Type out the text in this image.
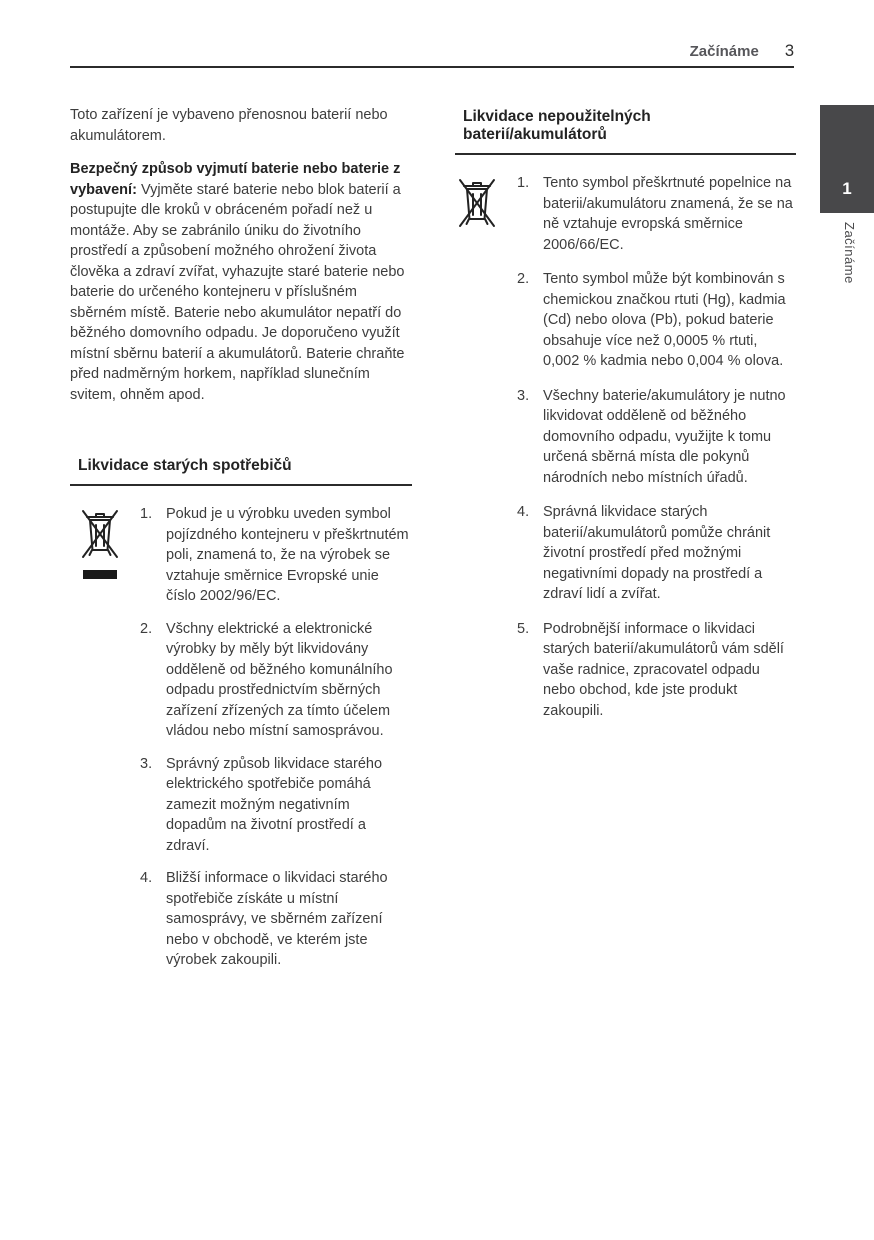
Začínáme 3
1
Začínáme

Toto zařízení je vybaveno přenosnou baterií nebo akumulátorem.

Bezpečný způsob vyjmutí baterie nebo baterie z vybavení: Vyjměte staré baterie nebo blok baterií a postupujte dle kroků v obráceném pořadí než u montáže. Aby se zabránilo úniku do životního prostředí a způsobení možného ohrožení života člověka a zdraví zvířat, vyhazujte staré baterie nebo baterie do určeného kontejneru v příslušném sběrném místě. Baterie nebo akumulátor nepatří do běžného domovního odpadu. Je doporučeno využít místní sběrnu baterií a akumulátorů. Baterie chraňte před nadměrným horkem, například slunečním svitem, ohněm apod.

Likvidace starých spotřebičů
1. Pokud je u výrobku uveden symbol pojízdného kontejneru v přeškrtnutém poli, znamená to, že na výrobek se vztahuje směrnice Evropské unie číslo 2002/96/EC.
2. Všchny elektrické a elektronické výrobky by měly být likvidovány odděleně od běžného komunálního odpadu prostřednictvím sběrných zařízení zřízených za tímto účelem vládou nebo místní samosprávou.
3. Správný způsob likvidace starého elektrického spotřebiče pomáhá zamezit možným negativním dopadům na životní prostředí a zdraví.
4. Bližší informace o likvidaci starého spotřebiče získáte u místní samosprávy, ve sběrném zařízení nebo v obchodě, ve kterém jste výrobek zakoupili.
Likvidace nepoužitelných baterií/akumulátorů
1. Tento symbol přeškrtnuté popelnice na baterii/akumulátoru znamená, že se na ně vztahuje evropská směrnice 2006/66/EC.
2. Tento symbol může být kombinován s chemickou značkou rtuti (Hg), kadmia (Cd) nebo olova (Pb), pokud baterie obsahuje více než 0,0005 % rtuti, 0,002 % kadmia nebo 0,004 % olova.
3. Všechny baterie/akumulátory je nutno likvidovat odděleně od běžného domovního odpadu, využijte k tomu určená sběrná místa dle pokynů národních nebo místních úřadů.
4. Správná likvidace starých baterií/akumulátorů pomůže chránit životní prostředí před možnými negativními dopady na prostředí a zdraví lidí a zvířat.
5. Podrobnější informace o likvidaci starých baterií/akumulátorů vám sdělí vaše radnice, zpracovatel odpadu nebo obchod, kde jste produkt zakoupili.
